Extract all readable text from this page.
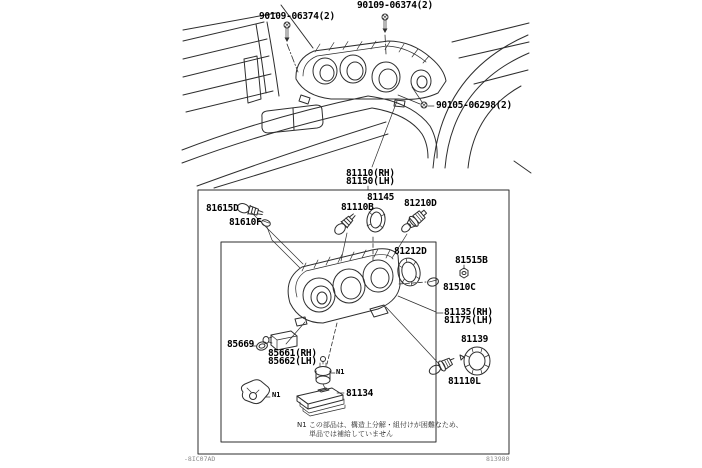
90109-06374(2)
90109-06374(2)
90105-06298(2)
81110(RH)
81150(LH)
81615D
81610F
81110B
81145
81210D
81212D
81515B
81510C
81135(RH)
81175(LH)
81139
81110L
85669
85661(RH)
85662(LH)
81134
N1
N1
N1 この部品は、構造上分解・組付けが困難なため、
単品では補給していません
-8IC07AD	813980
